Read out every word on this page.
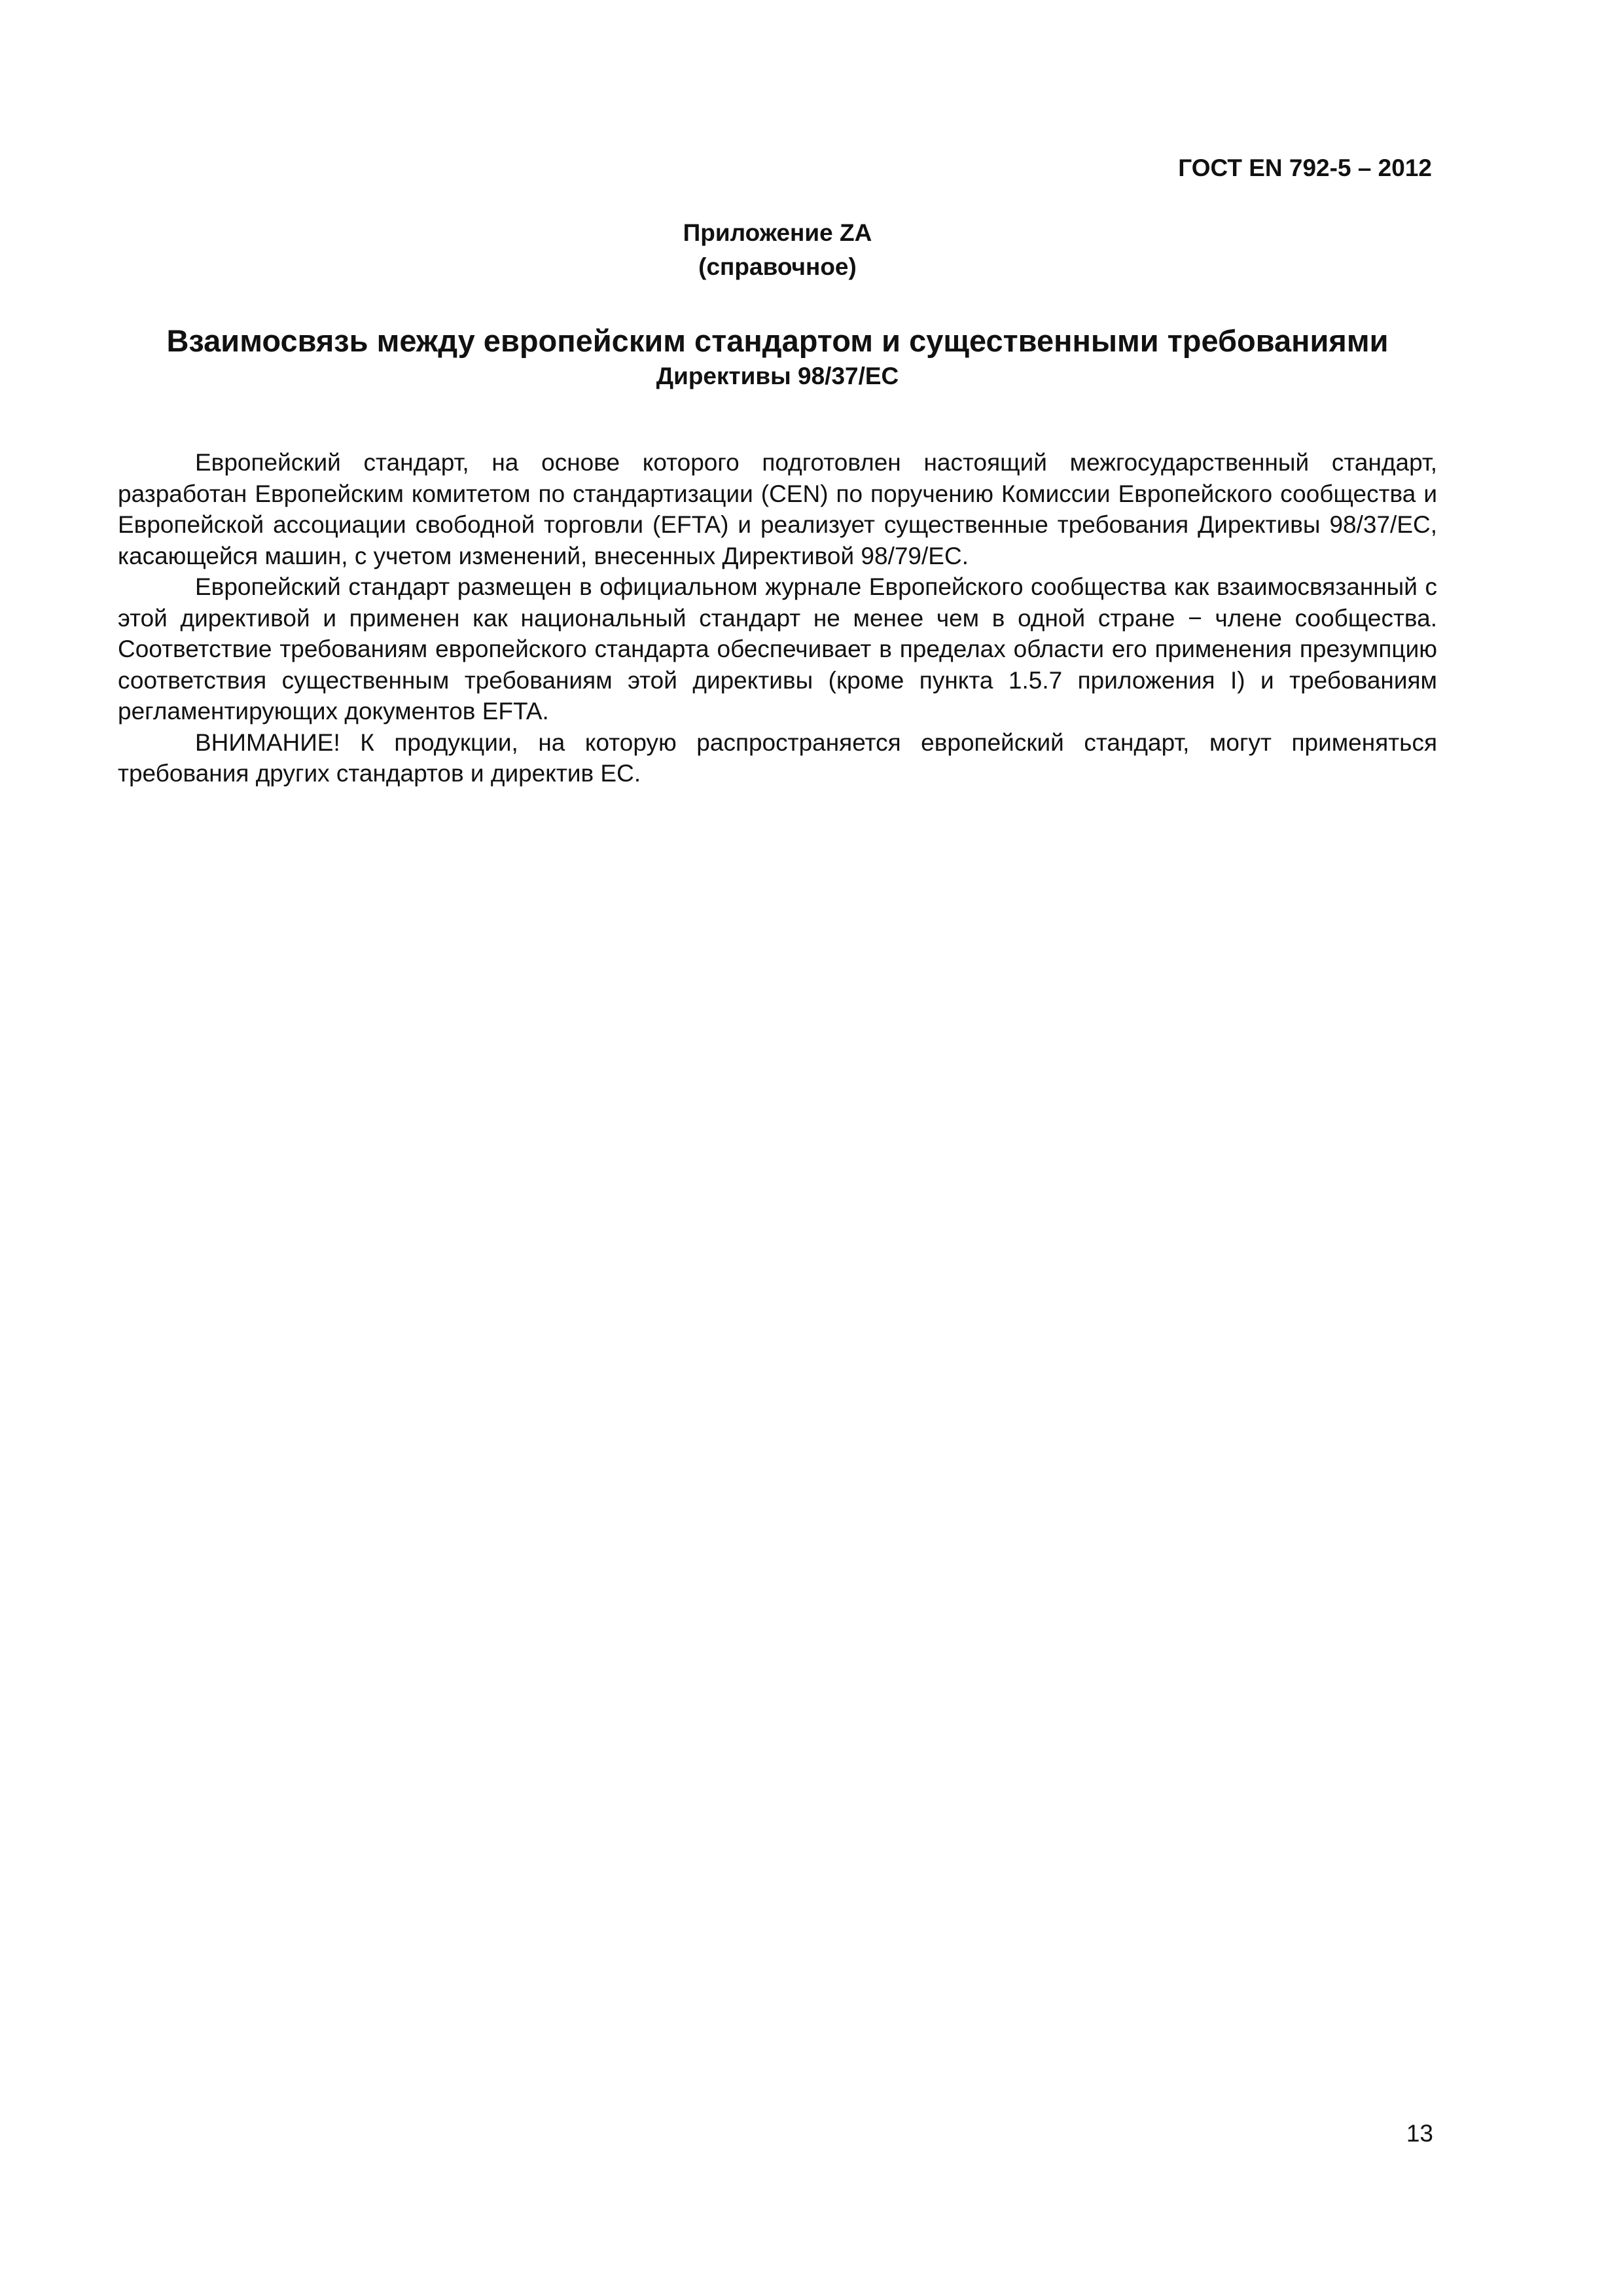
ГОСТ EN 792-5 – 2012

Приложение ZA

(справочное)

Взаимосвязь между европейским стандартом и существенными требованиями

Директивы 98/37/ЕС

Европейский стандарт, на основе которого подготовлен настоящий межгосударственный стандарт, разработан Европейским комитетом по стандартизации (CEN) по поручению Комиссии Европейского сообщества и Европейской ассоциации свободной торговли (EFTA) и реализует существенные требования Директивы 98/37/ЕС, касающейся машин, с учетом изменений, внесенных Директивой 98/79/ЕС.

Европейский стандарт размещен в официальном журнале Европейского сообщества как взаимосвязанный с этой директивой и применен как национальный стандарт не менее чем в одной стране − члене сообщества. Соответствие требованиям европейского стандарта обеспечивает в пределах области его применения презумпцию соответствия существенным требованиям этой директивы (кроме пункта 1.5.7 приложения I) и требованиям регламентирующих документов EFTA.

ВНИМАНИЕ! К продукции, на которую распространяется европейский стандарт, могут применяться требования других стандартов и директив ЕС.

13
